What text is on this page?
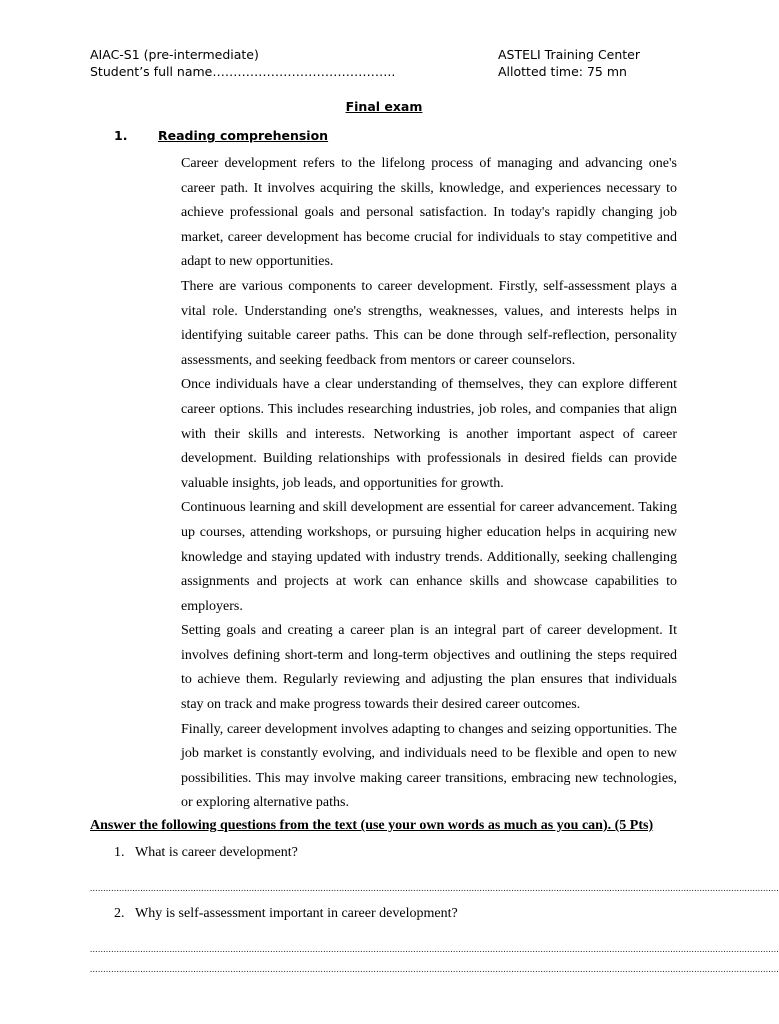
AIAC-S1 (pre-intermediate)	ASTELI Training Center
Student’s full name……………………………………..	Allotted time: 75 mn
Final exam
1. Reading comprehension

Career development refers to the lifelong process of managing and advancing one's career path. It involves acquiring the skills, knowledge, and experiences necessary to achieve professional goals and personal satisfaction. In today's rapidly changing job market, career development has become crucial for individuals to stay competitive and adapt to new opportunities.

There are various components to career development. Firstly, self-assessment plays a vital role. Understanding one's strengths, weaknesses, values, and interests helps in identifying suitable career paths. This can be done through self-reflection, personality assessments, and seeking feedback from mentors or career counselors.

Once individuals have a clear understanding of themselves, they can explore different career options. This includes researching industries, job roles, and companies that align with their skills and interests. Networking is another important aspect of career development. Building relationships with professionals in desired fields can provide valuable insights, job leads, and opportunities for growth.

Continuous learning and skill development are essential for career advancement. Taking up courses, attending workshops, or pursuing higher education helps in acquiring new knowledge and staying updated with industry trends. Additionally, seeking challenging assignments and projects at work can enhance skills and showcase capabilities to employers.

Setting goals and creating a career plan is an integral part of career development. It involves defining short-term and long-term objectives and outlining the steps required to achieve them. Regularly reviewing and adjusting the plan ensures that individuals stay on track and make progress towards their desired career outcomes.

Finally, career development involves adapting to changes and seizing opportunities. The job market is constantly evolving, and individuals need to be flexible and open to new possibilities. This may involve making career transitions, embracing new technologies, or exploring alternative paths.

Answer the following questions from the text (use your own words as much as you can). (5 Pts)
1. What is career development?
....................................................................................................................................................................................................................................................................
2. Why is self-assessment important in career development?
....................................................................................................................................................................................................................................................................
....................................................................................................................................................................................................................................................................
